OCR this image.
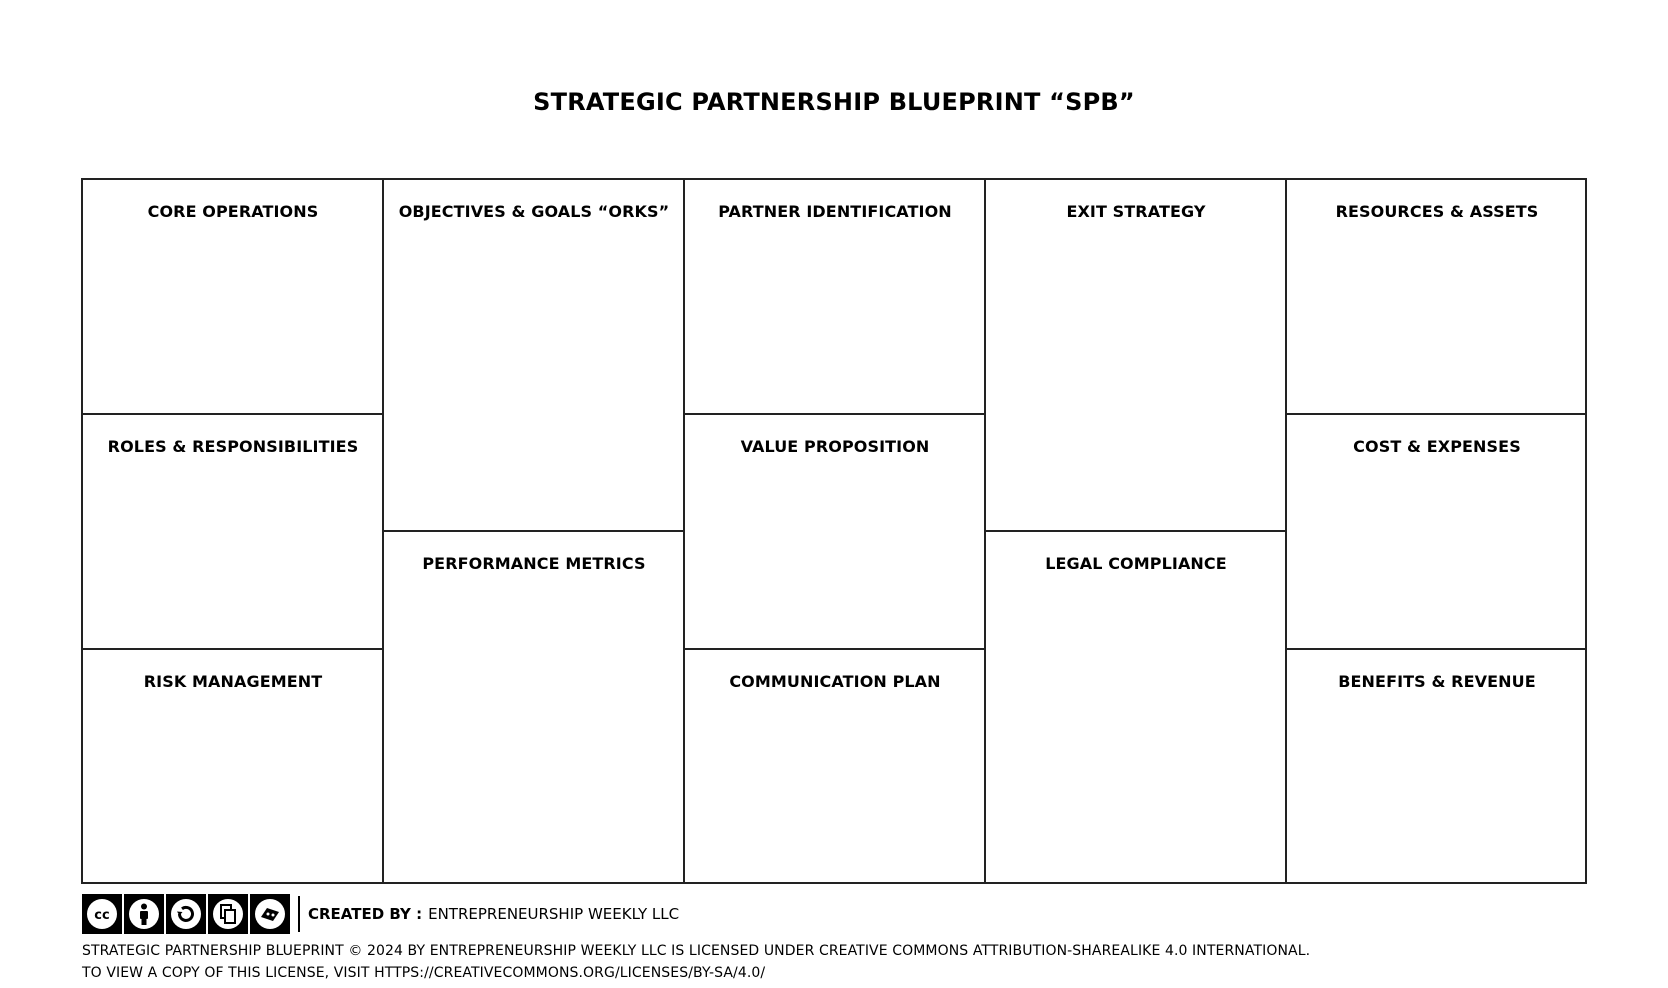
STRATEGIC PARTNERSHIP BLUEPRINT “SPB”
CORE OPERATIONS
ROLES & RESPONSIBILITIES
RISK MANAGEMENT
OBJECTIVES & GOALS “ORKS”
PERFORMANCE METRICS
PARTNER IDENTIFICATION
VALUE PROPOSITION
COMMUNICATION PLAN
EXIT STRATEGY
LEGAL COMPLIANCE
RESOURCES & ASSETS
COST & EXPENSES
BENEFITS & REVENUE
cc	CREATED BY : ENTREPRENEURSHIP WEEKLY LLC
STRATEGIC PARTNERSHIP BLUEPRINT © 2024 BY ENTREPRENEURSHIP WEEKLY LLC IS LICENSED UNDER CREATIVE COMMONS ATTRIBUTION-SHAREALIKE 4.0 INTERNATIONAL.
TO VIEW A COPY OF THIS LICENSE, VISIT HTTPS://CREATIVECOMMONS.ORG/LICENSES/BY-SA/4.0/
